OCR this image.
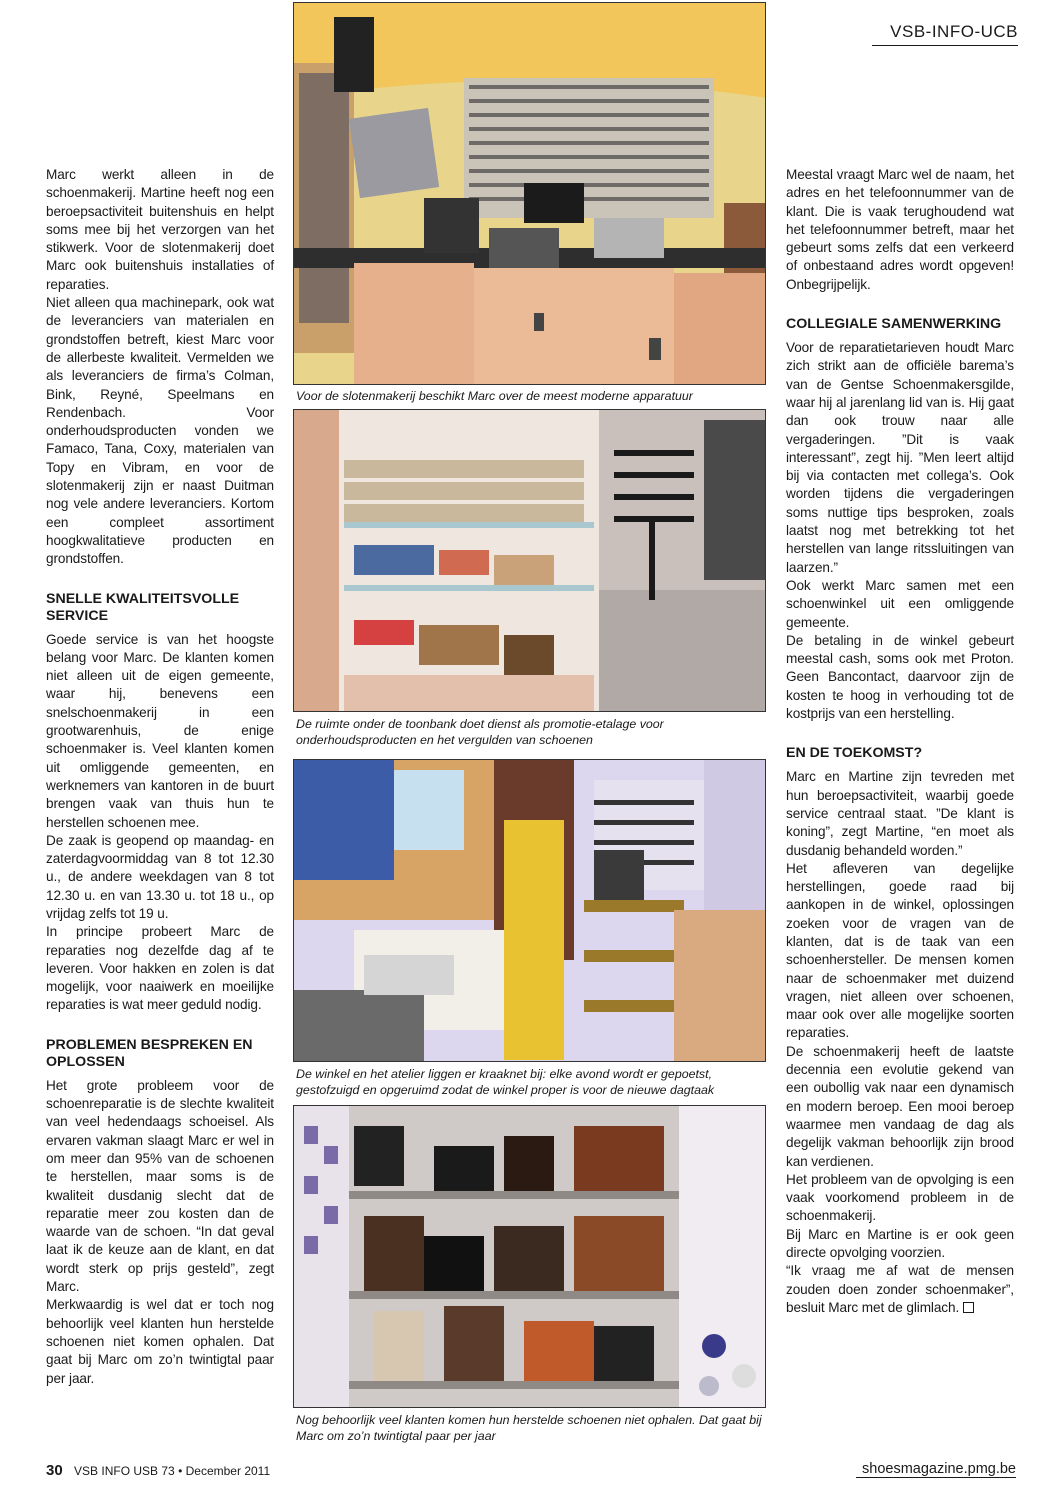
VSB-INFO-UCB

Marc werkt alleen in de schoenmakerij. Martine heeft nog een beroepsactiviteit buitenshuis en helpt soms mee bij het verzorgen van het stikwerk. Voor de slotenmakerij doet Marc ook buitenshuis installaties of reparaties.

Niet alleen qua machinepark, ook wat de leveranciers van materialen en grondstoffen betreft, kiest Marc voor de allerbeste kwaliteit. Vermelden we als leveranciers de firma’s Colman, Bink, Reyné, Speelmans en Rendenbach. Voor onderhoudsproducten vonden we Famaco, Tana, Coxy, materialen van Topy en Vibram, en voor de slotenmakerij zijn er naast Duitman nog vele andere leveranciers. Kortom een compleet assortiment hoogkwalitatieve producten en grondstoffen.

SNELLE KWALITEITSVOLLE SERVICE

Goede service is van het hoogste belang voor Marc. De klanten komen niet alleen uit de eigen gemeente, waar hij, benevens een snelschoenmakerij in een grootwarenhuis, de enige schoenmaker is. Veel klanten komen uit omliggende gemeenten, en werknemers van kantoren in de buurt brengen vaak van thuis hun te herstellen schoenen mee.

De zaak is geopend op maandag- en zaterdagvoormiddag van 8 tot 12.30 u., de andere weekdagen van 8 tot 12.30 u. en van 13.30 u. tot 18 u., op vrijdag zelfs tot 19 u.

In principe probeert Marc de reparaties nog dezelfde dag af te leveren. Voor hakken en zolen is dat mogelijk, voor naaiwerk en moeilijke reparaties is wat meer geduld nodig.

PROBLEMEN BESPREKEN EN OPLOSSEN

Het grote probleem voor de schoenreparatie is de slechte kwaliteit van veel hedendaags schoeisel. Als ervaren vakman slaagt Marc er wel in om meer dan 95% van de schoenen te herstellen, maar soms is de kwaliteit dusdanig slecht dat de reparatie meer zou kosten dan de waarde van de schoen. “In dat geval laat ik de keuze aan de klant, en dat wordt sterk op prijs gesteld”, zegt Marc.

Merkwaardig is wel dat er toch nog behoorlijk veel klanten hun herstelde schoenen niet komen ophalen. Dat gaat bij Marc om zo’n twintigtal paar per jaar.

Voor de slotenmakerij beschikt Marc over de meest moderne apparatuur
De ruimte onder de toonbank doet dienst als promotie-etalage voor onderhoudsproducten en het vergulden van schoenen
De winkel en het atelier liggen er kraaknet bij: elke avond wordt er gepoetst, gestofzuigd en opgeruimd zodat de winkel proper is voor de nieuwe dagtaak
Nog behoorlijk veel klanten komen hun herstelde schoenen niet ophalen. Dat gaat bij Marc om zo’n twintigtal paar per jaar

Meestal vraagt Marc wel de naam, het adres en het telefoonnummer van de klant. Die is vaak terughoudend wat het telefoonnummer betreft, maar het gebeurt soms zelfs dat een verkeerd of onbestaand adres wordt opgeven! Onbegrijpelijk.

COLLEGIALE SAMENWERKING

Voor de reparatietarieven houdt Marc zich strikt aan de officiële barema’s van de Gentse Schoenmakersgilde, waar hij al jarenlang lid van is. Hij gaat dan ook trouw naar alle vergaderingen. ”Dit is vaak interessant”, zegt hij. ”Men leert altijd bij via contacten met collega’s. Ook worden tijdens die vergaderingen soms nuttige tips besproken, zoals laatst nog met betrekking tot het herstellen van lange ritssluitingen van laarzen.”

Ook werkt Marc samen met een schoenwinkel uit een omliggende gemeente.

De betaling in de winkel gebeurt meestal cash, soms ook met Proton. Geen Bancontact, daarvoor zijn de kosten te hoog in verhouding tot de kostprijs van een herstelling.

EN DE TOEKOMST?

Marc en Martine zijn tevreden met hun beroepsactiviteit, waarbij goede service centraal staat. ”De klant is koning”, zegt Martine, “en moet als dusdanig behandeld worden.”

Het afleveren van degelijke herstellingen, goede raad bij aankopen in de winkel, oplossingen zoeken voor de vragen van de klanten, dat is de taak van een schoenhersteller. De mensen komen naar de schoenmaker met duizend vragen, niet alleen over schoenen, maar ook over alle mogelijke soorten reparaties.

De schoenmakerij heeft de laatste decennia een evolutie gekend van een oubollig vak naar een dynamisch en modern beroep. Een mooi beroep waarmee men vandaag de dag als degelijk vakman behoorlijk zijn brood kan verdienen.

Het probleem van de opvolging is een vaak voorkomend probleem in de schoenmakerij.

Bij Marc en Martine is er ook geen directe opvolging voorzien.

“Ik vraag me af wat de mensen zouden doen zonder schoenmaker”, besluit Marc met de glimlach.

30 VSB INFO USB 73 • December 2011	shoesmagazine.pmg.be
